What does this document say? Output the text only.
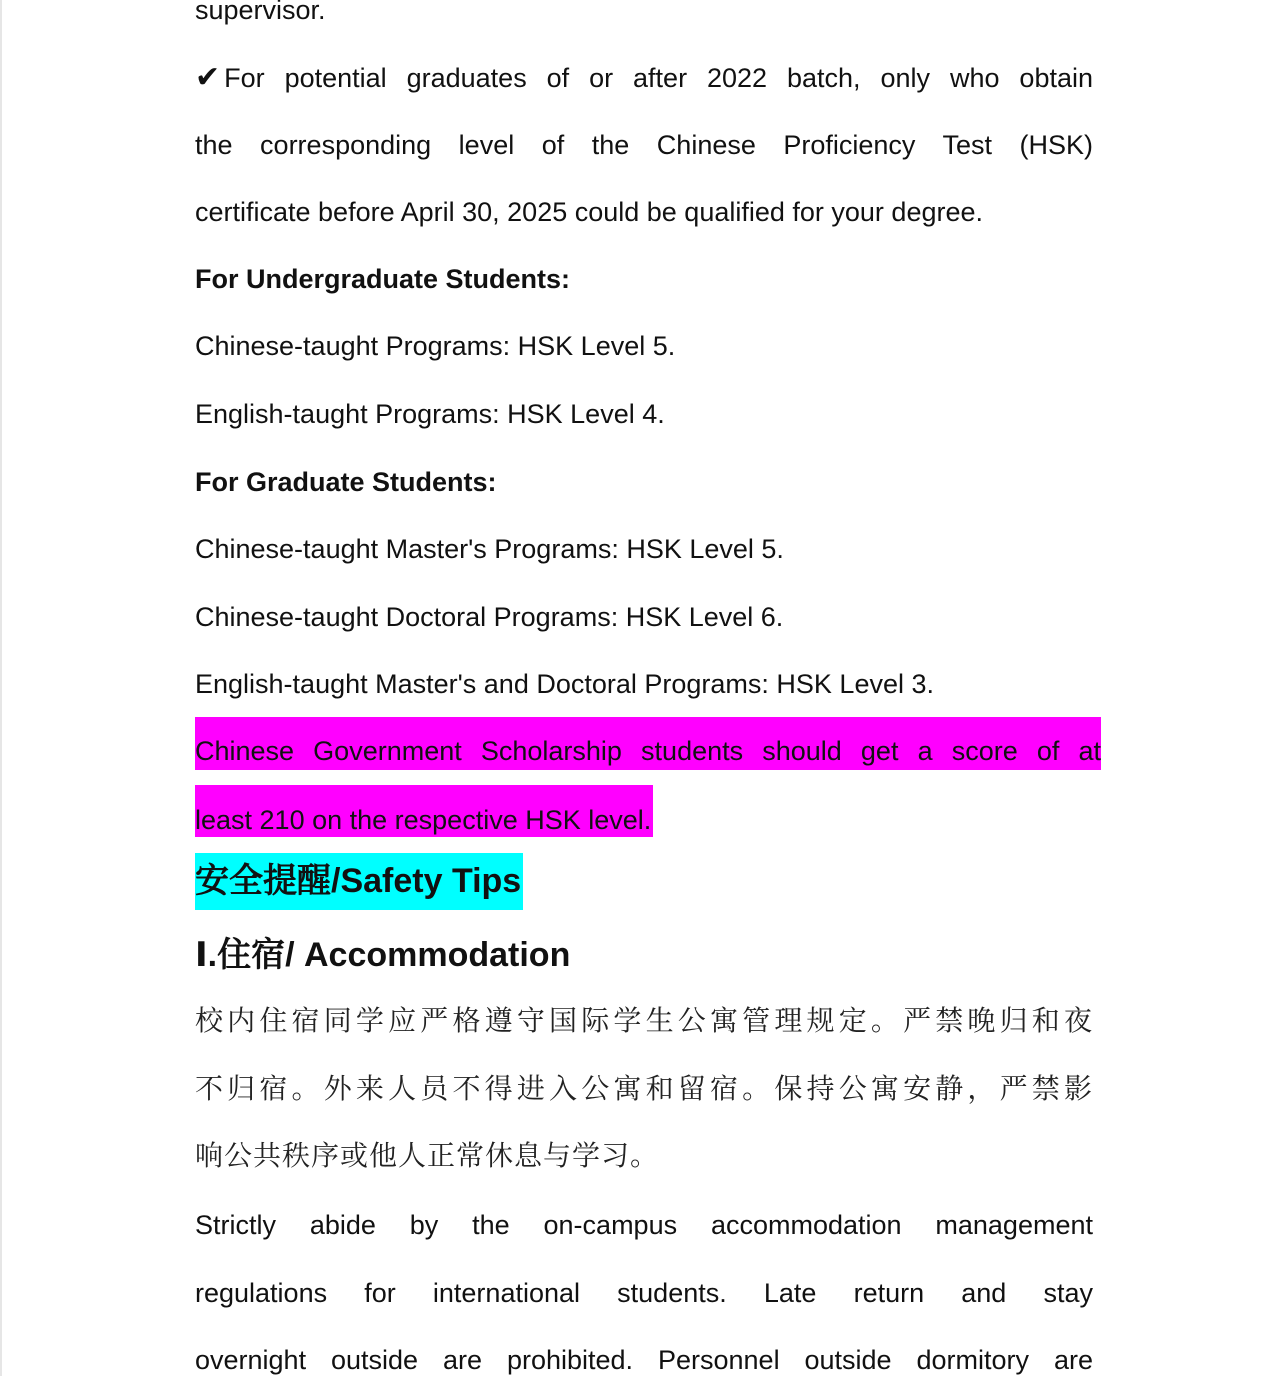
supervisor.
✔ For potential graduates of or after 2022 batch, only who obtain
the corresponding level of the Chinese Proficiency Test (HSK)
certificate before April 30, 2025 could be qualified for your degree.
For Undergraduate Students:
Chinese-taught Programs: HSK Level 5.
English-taught Programs: HSK Level 4.
For Graduate Students:
Chinese-taught Master's Programs: HSK Level 5.
Chinese-taught Doctoral Programs: HSK Level 6.
English-taught Master's and Doctoral Programs: HSK Level 3.
Chinese Government Scholarship students should get a score of at
least 210 on the respective HSK level.
安全提醒/Safety Tips
Ⅰ.住宿/ Accommodation
校内住宿同学应严格遵守国际学生公寓管理规定。严禁晚归和夜
不归宿。外来人员不得进入公寓和留宿。保持公寓安静，严禁影
响公共秩序或他人正常休息与学习。
Strictly abide by the on-campus accommodation management
regulations for international students. Late return and stay
overnight outside are prohibited. Personnel outside dormitory are
